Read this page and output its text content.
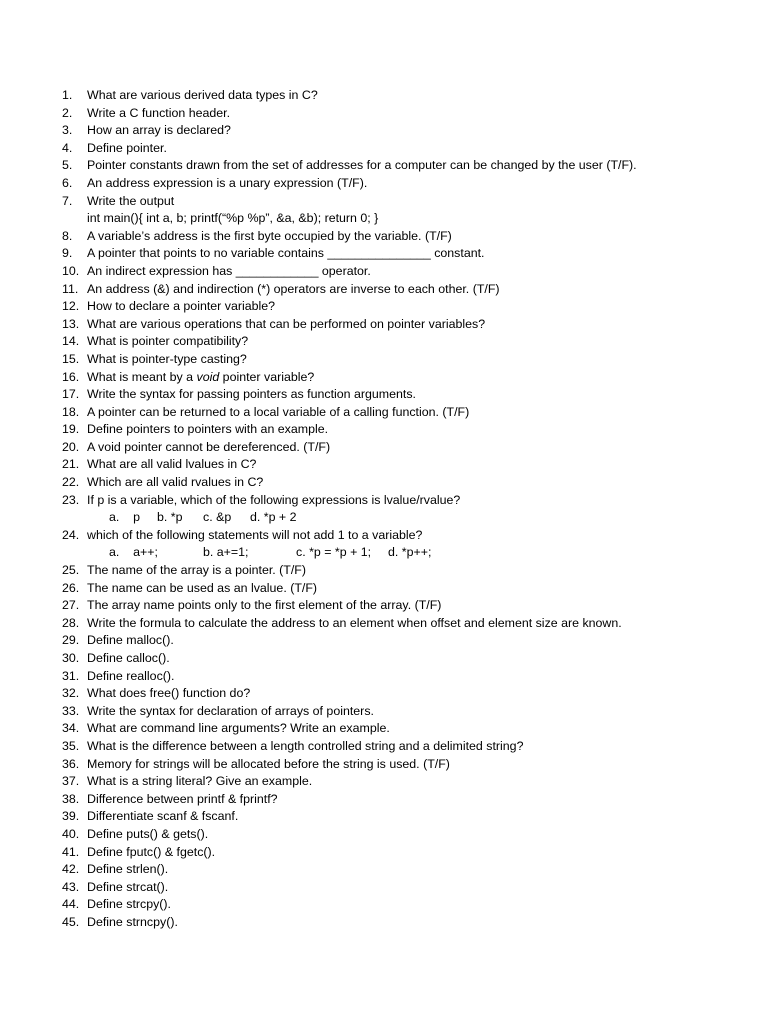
1.	What are various derived data types in C?
2.	Write a C function header.
3.	How an array is declared?
4.	Define pointer.
5.	Pointer constants drawn from the set of addresses for a computer can be changed by the user (T/F).
6.	An address expression is a unary expression (T/F).
7.	Write the output
int main(){ int a, b; printf(“%p %p”, &a, &b); return 0; }
8.	A variable’s address is the first byte occupied by the variable. (T/F)
9.	A pointer that points to no variable contains _______________ constant.
10. An indirect expression has ____________ operator.
11. An address (&) and indirection (*) operators are inverse to each other. (T/F)
12. How to declare a pointer variable?
13. What are various operations that can be performed on pointer variables?
14. What is pointer compatibility?
15. What is pointer-type casting?
16. What is meant by a void pointer variable?
17. Write the syntax for passing pointers as function arguments.
18. A pointer can be returned to a local variable of a calling function. (T/F)
19. Define pointers to pointers with an example.
20. A void pointer cannot be dereferenced. (T/F)
21. What are all valid lvalues in C?
22. Which are all valid rvalues in C?
23. If p is a variable, which of the following expressions is lvalue/rvalue?
a.    p b. *p c. &p d. *p + 2
24. which of the following statements will not add 1 to a variable?
a.    a++;	b. a+=1;	c. *p = *p + 1; d. *p++;
25. The name of the array is a pointer. (T/F)
26. The name can be used as an lvalue. (T/F)
27. The array name points only to the first element of the array. (T/F)
28. Write the formula to calculate the address to an element when offset and element size are known.
29. Define malloc().
30. Define calloc().
31. Define realloc().
32. What does free() function do?
33. Write the syntax for declaration of arrays of pointers.
34. What are command line arguments? Write an example.
35. What is the difference between a length controlled string and a delimited string?
36. Memory for strings will be allocated before the string is used. (T/F)
37. What is a string literal? Give an example.
38. Difference between printf & fprintf?
39. Differentiate scanf & fscanf.
40. Define puts() & gets().
41. Define fputc() & fgetc().
42. Define strlen().
43. Define strcat().
44. Define strcpy().
45. Define strncpy().
